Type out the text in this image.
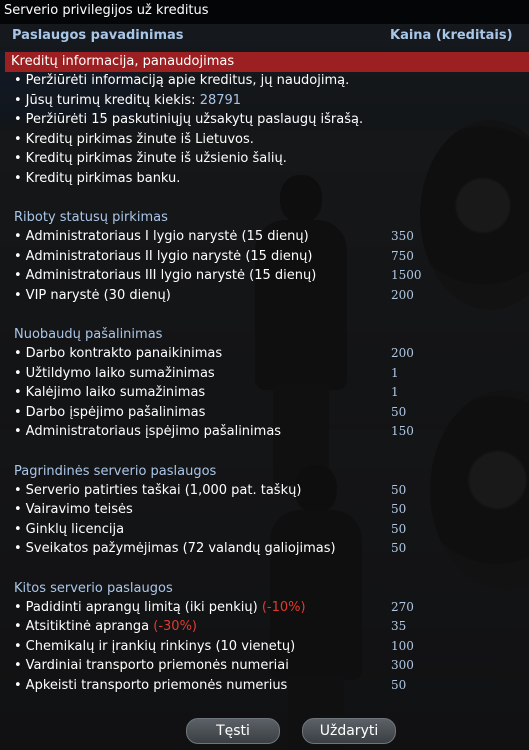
Serverio privilegijos už kreditus
Paslaugos pavadinimas	Kaina (kreditais)
Kreditų informacija, panaudojimas
• Peržiūrėti informaciją apie kreditus, jų naudojimą.
• Jūsų turimų kreditų kiekis: 28791
• Peržiūrėti 15 paskutiniųjų užsakytų paslaugų išrašą.
• Kreditų pirkimas žinute iš Lietuvos.
• Kreditų pirkimas žinute iš užsienio šalių.
• Kreditų pirkimas banku.
Riboty statusų pirkimas
• Administratoriaus I lygio narystė (15 dienų)	350
• Administratoriaus II lygio narystė (15 dienų)	750
• Administratoriaus III lygio narystė (15 dienų)	1500
• VIP narystė (30 dienų)	200
Nuobaudų pašalinimas
• Darbo kontrakto panaikinimas	200
• Užtildymo laiko sumažinimas	1
• Kalėjimo laiko sumažinimas	1
• Darbo įspėjimo pašalinimas	50
• Administratoriaus įspėjimo pašalinimas	150
Pagrindinės serverio paslaugos
• Serverio patirties taškai (1,000 pat. taškų)	50
• Vairavimo teisės	50
• Ginklų licencija	50
• Sveikatos pažymėjimas (72 valandų galiojimas)	50
Kitos serverio paslaugos
• Padidinti aprangų limitą (iki penkių) (-10%)	270
• Atsitiktinė apranga (-30%)	35
• Chemikalų ir įrankių rinkinys (10 vienetų)	100
• Vardiniai transporto priemonės numeriai	300
• Apkeisti transporto priemonės numerius	50
Tęsti	Uždaryti
